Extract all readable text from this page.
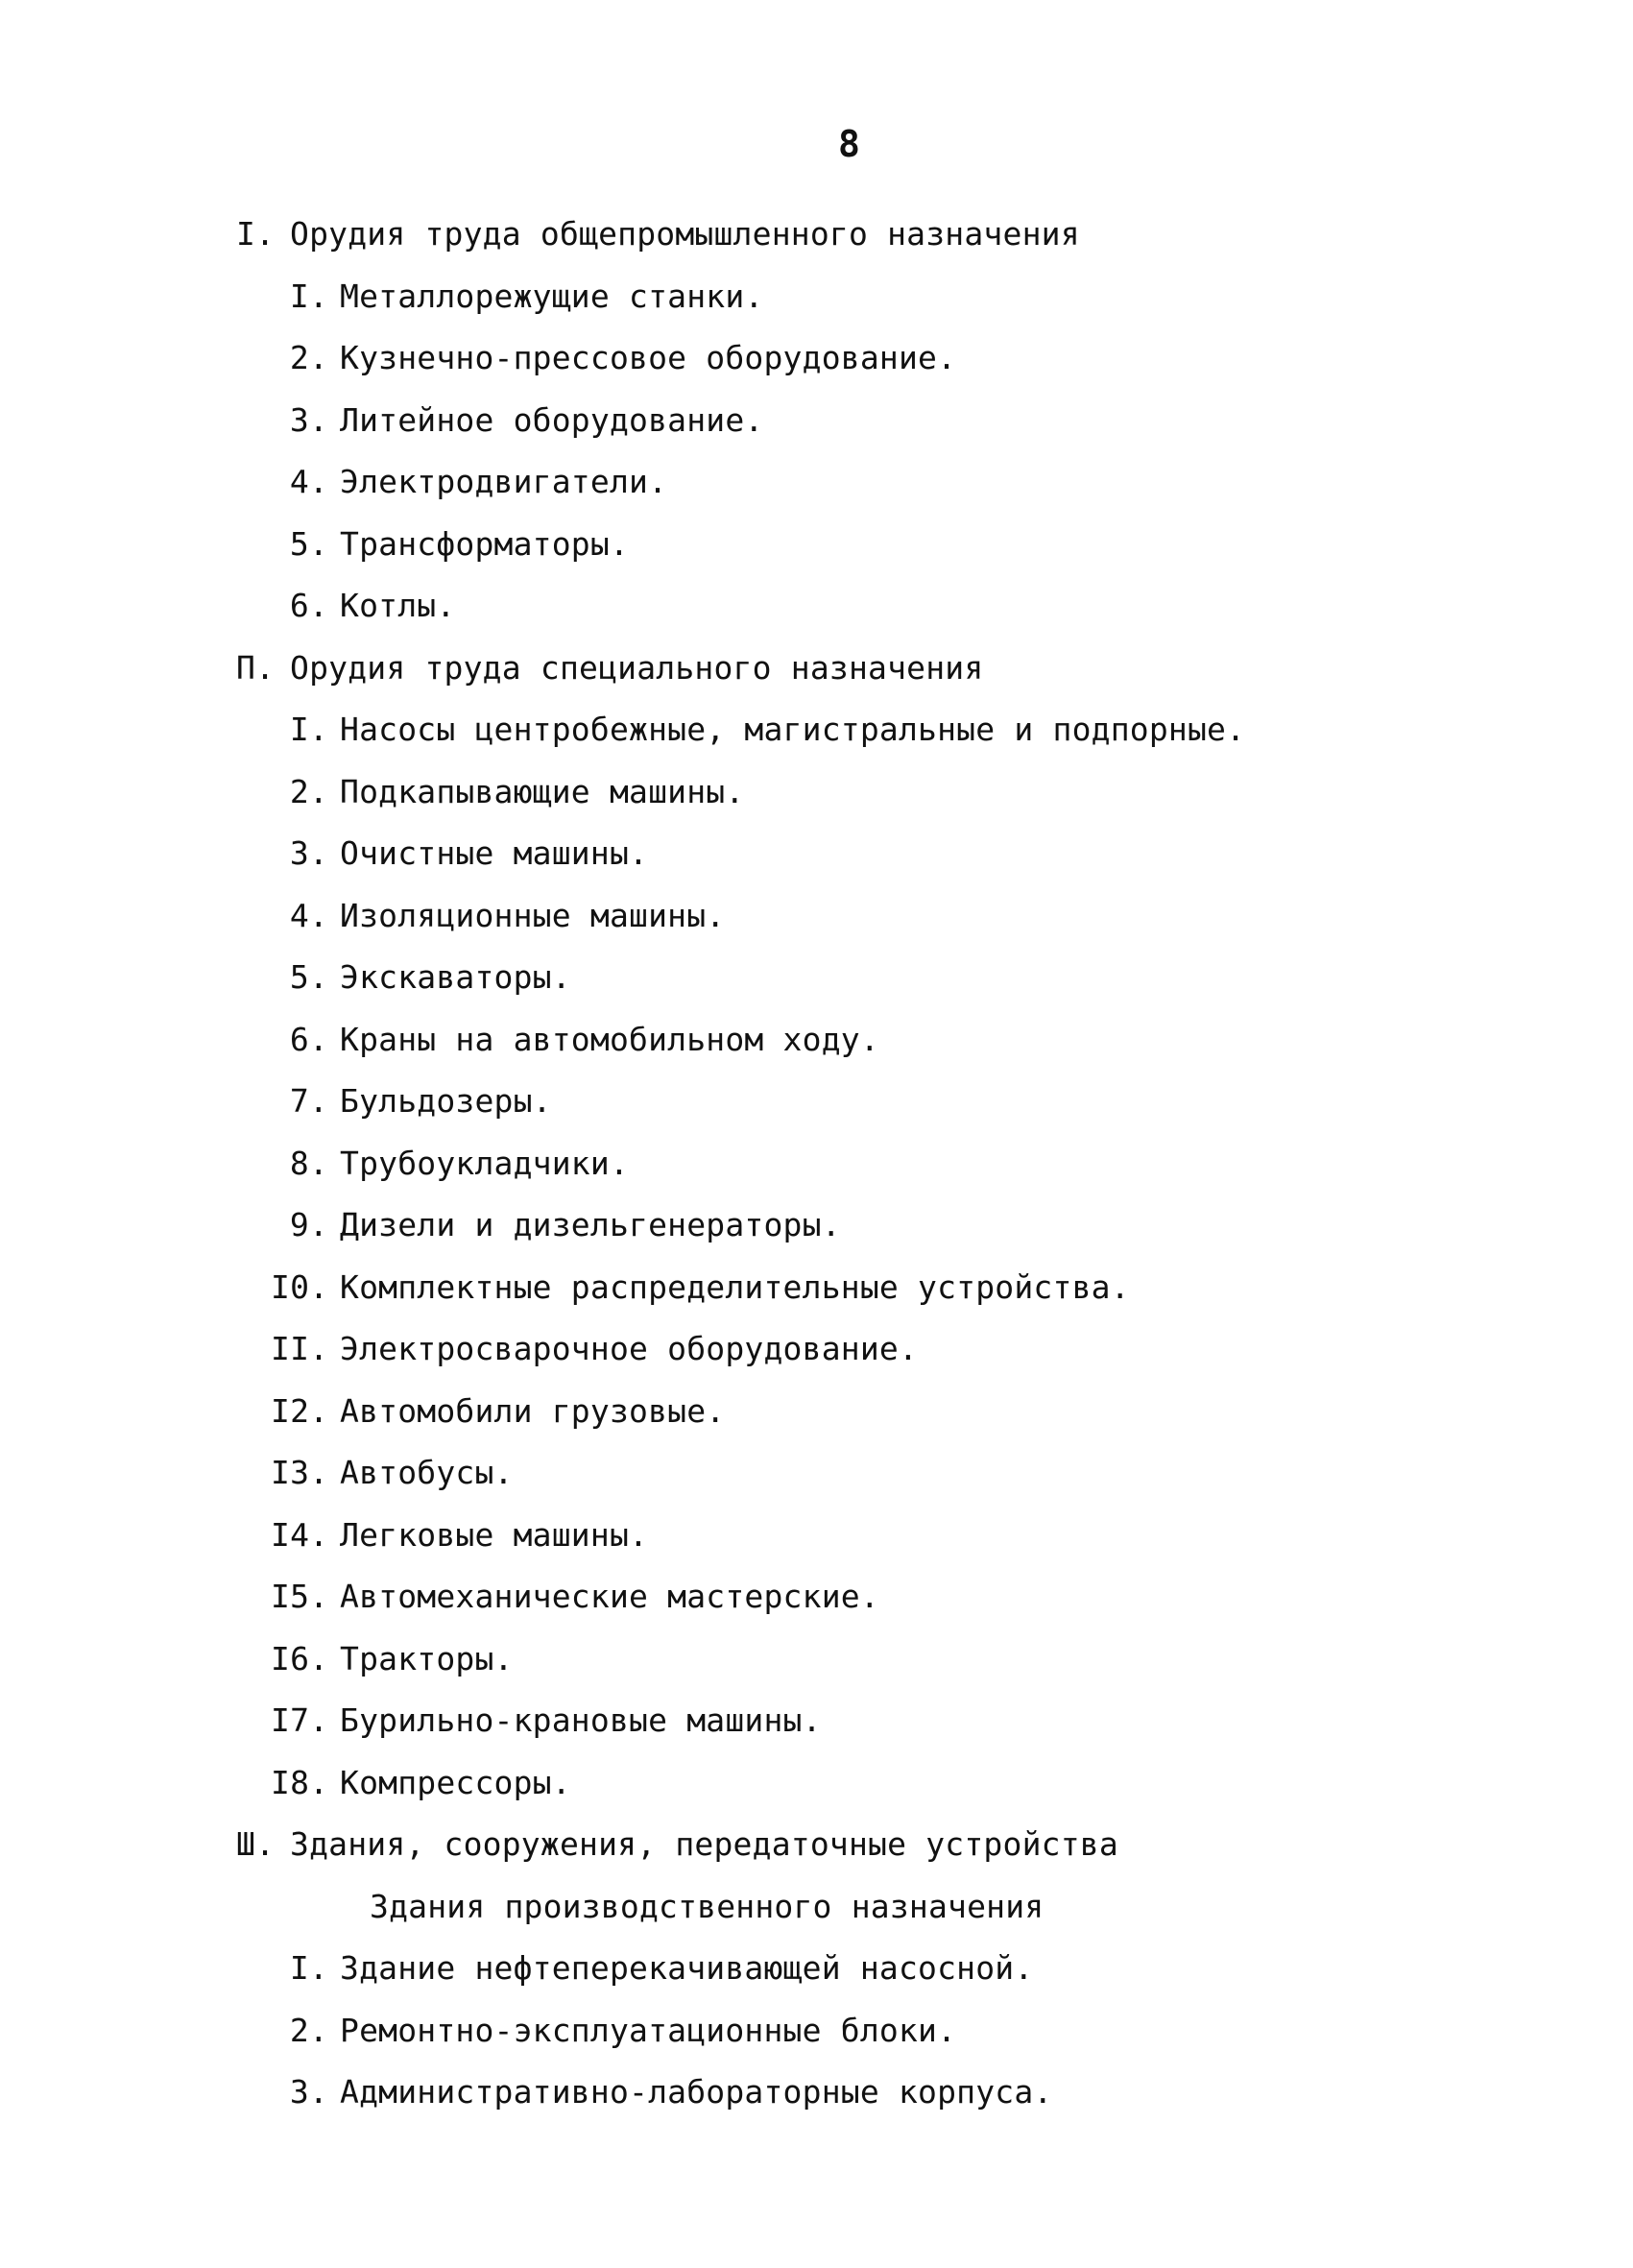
8
I. Орудия труда общепромышленного назначения
I. Металлорежущие станки.
2. Кузнечно-прессовое оборудование.
3. Литейное оборудование.
4. Электродвигатели.
5. Трансформаторы.
6. Котлы.
П. Орудия труда специального назначения
I. Насосы центробежные, магистральные и подпорные.
2. Подкапывающие машины.
3. Очистные машины.
4. Изоляционные машины.
5. Экскаваторы.
6. Краны на автомобильном ходу.
7. Бульдозеры.
8. Трубоукладчики.
9. Дизели и дизельгенераторы.
I0. Комплектные распределительные устройства.
II. Электросварочное оборудование.
I2. Автомобили грузовые.
I3. Автобусы.
I4. Легковые машины.
I5. Автомеханические мастерские.
I6. Тракторы.
I7. Бурильно-крановые машины.
I8. Компрессоры.
Ш. Здания, сооружения, передаточные устройства
Здания производственного назначения
I. Здание нефтеперекачивающей насосной.
2. Ремонтно-эксплуатационные блоки.
3. Административно-лабораторные корпуса.
